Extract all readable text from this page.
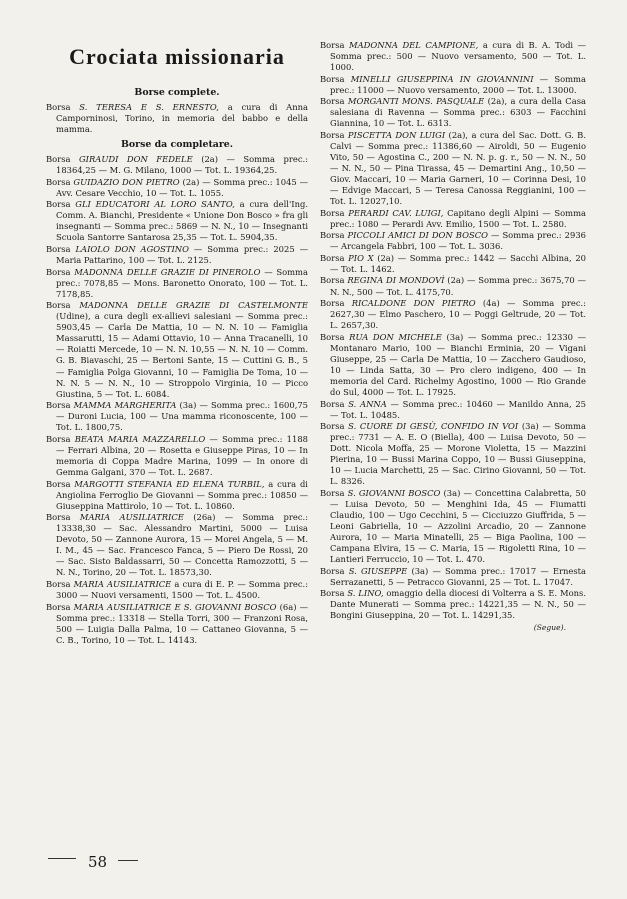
Crociata missionaria
Borse complete.

Borsa S. TERESA E S. ERNESTO, a cura di Anna Camporninosi, Torino, in memoria del babbo e della mamma.

Borse da completare.

Borsa GIRAUDI DON FEDELE (2a) — Somma prec.: 18364,25 — M. G. Milano, 1000 — Tot. L. 19364,25.

Borsa GUIDAZIO DON PIETRO (2a) — Somma prec.: 1045 — Avv. Cesare Vecchio, 10 — Tot. L. 1055.

Borsa GLI EDUCATORI AL LORO SANTO, a cura dell'Ing. Comm. A. Bianchi, Presidente « Unione Don Bosco » fra gli insegnanti — Somma prec.: 5869 — N. N., 10 — Insegnanti Scuola Santorre Santarosa 25,35 — Tot. L. 5904,35.

Borsa LAIOLO DON AGOSTINO — Somma prec.: 2025 — Maria Pattarino, 100 — Tot. L. 2125.

Borsa MADONNA DELLE GRAZIE DI PINEROLO — Somma prec.: 7078,85 — Mons. Baronetto Onorato, 100 — Tot. L. 7178,85.

Borsa MADONNA DELLE GRAZIE DI CASTELMONTE (Udine), a cura degli ex-allievi salesiani — Somma prec.: 5903,45 — Carla De Mattia, 10 — N. N. 10 — Famiglia Massarutti, 15 — Adami Ottavio, 10 — Anna Tracanelli, 10 — Roiatti Mercede, 10 — N. N. 10,55 — N. N. 10 — Comm. G. B. Biavaschi, 25 — Bertoni Sante, 15 — Cuttini G. B., 5 — Famiglia Polga Giovanni, 10 — Famiglia De Toma, 10 — N. N. 5 — N. N., 10 — Stroppolo Virginia, 10 — Picco Giustina, 5 — Tot. L. 6084.

Borsa MAMMA MARGHERITA (3a) — Somma prec.: 1600,75 — Duroni Lucia, 100 — Una mamma riconoscente, 100 — Tot. L. 1800,75.

Borsa BEATA MARIA MAZZARELLO — Somma prec.: 1188 — Ferrari Albina, 20 — Rosetta e Giuseppe Piras, 10 — In memoria di Coppa Madre Marina, 1099 — In onore di Gemma Galgani, 370 — Tot. L. 2687.

Borsa MARGOTTI STEFANIA ED ELENA TURBIL, a cura di Angiolina Ferroglio De Giovanni — Somma prec.: 10850 — Giuseppina Mattirolo, 10 — Tot. L. 10860.

Borsa MARIA AUSILIATRICE (26a) — Somma prec.: 13338,30 — Sac. Alessandro Martini, 5000 — Luisa Devoto, 50 — Zannone Aurora, 15 — Morei Angela, 5 — M. I. M., 45 — Sac. Francesco Fanca, 5 — Piero De Rossi, 20 — Sac. Sisto Baldassarri, 50 — Concetta Ramozzotti, 5 — N. N., Torino, 20 — Tot. L. 18573,30.

Borsa MARIA AUSILIATRICE a cura di E. P. — Somma prec.: 3000 — Nuovi versamenti, 1500 — Tot. L. 4500.

Borsa MARIA AUSILIATRICE E S. GIOVANNI BOSCO (6a) — Somma prec.: 13318 — Stella Torri, 300 — Franzoni Rosa, 500 — Luigia Dalla Palma, 10 — Cattaneo Giovanna, 5 — C. B., Torino, 10 — Tot. L. 14143.

Borsa MADONNA DEL CAMPIONE, a cura di B. A. Todi — Somma prec.: 500 — Nuovo versamento, 500 — Tot. L. 1000.

Borsa MINELLI GIUSEPPINA IN GIOVANNINI — Somma prec.: 11000 — Nuovo versamento, 2000 — Tot. L. 13000.

Borsa MORGANTI MONS. PASQUALE (2a), a cura della Casa salesiana di Ravenna — Somma prec.: 6303 — Facchini Giannina, 10 — Tot. L. 6313.

Borsa PISCETTA DON LUIGI (2a), a cura del Sac. Dott. G. B. Calvi — Somma prec.: 11386,60 — Airoldi, 50 — Eugenio Vito, 50 — Agostina C., 200 — N. N. p. g. r., 50 — N. N., 50 — N. N., 50 — Pina Tirassa, 45 — Demartini Ang., 10,50 — Giov. Maccari, 10 — Maria Garneri, 10 — Corinna Desi, 10 — Edvige Maccari, 5 — Teresa Canossa Reggianini, 100 — Tot. L. 12027,10.

Borsa PERARDI CAV. LUIGI, Capitano degli Alpini — Somma prec.: 1080 — Perardi Avv. Emilio, 1500 — Tot. L. 2580.

Borsa PICCOLI AMICI DI DON BOSCO — Somma prec.: 2936 — Arcangela Fabbri, 100 — Tot. L. 3036.

Borsa PIO X (2a) — Somma prec.: 1442 — Sacchi Albina, 20 — Tot. L. 1462.

Borsa REGINA DI MONDOVÌ (2a) — Somma prec.: 3675,70 — N. N., 500 — Tot. L. 4175,70.

Borsa RICALDONE DON PIETRO (4a) — Somma prec.: 2627,30 — Elmo Paschero, 10 — Poggi Geltrude, 20 — Tot. L. 2657,30.

Borsa RUA DON MICHELE (3a) — Somma prec.: 12330 — Montanaro Mario, 100 — Bianchi Erminia, 20 — Vigani Giuseppe, 25 — Carla De Mattia, 10 — Zacchero Gaudioso, 10 — Linda Satta, 30 — Pro clero indigeno, 400 — In memoria del Card. Richelmy Agostino, 1000 — Rio Grande do Sul, 4000 — Tot. L. 17925.

Borsa S. ANNA — Somma prec.: 10460 — Manildo Anna, 25 — Tot. L. 10485.

Borsa S. CUORE DI GESÙ, CONFIDO IN VOI (3a) — Somma prec.: 7731 — A. E. O (Biella), 400 — Luisa Devoto, 50 — Dott. Nicola Moffa, 25 — Morone Violetta, 15 — Mazzini Pierina, 10 — Bussi Marina Coppo, 10 — Bussi Giuseppina, 10 — Lucia Marchetti, 25 — Sac. Cirino Giovanni, 50 — Tot. L. 8326.

Borsa S. GIOVANNI BOSCO (3a) — Concettina Calabretta, 50 — Luisa Devoto, 50 — Menghini Ida, 45 — Fiumatti Claudio, 100 — Ugo Cecchini, 5 — Cicciuzzo Giuffrida, 5 — Leoni Gabriella, 10 — Azzolini Arcadio, 20 — Zannone Aurora, 10 — Maria Minatelli, 25 — Biga Paolina, 100 — Campana Elvira, 15 — C. Maria, 15 — Rigoletti Rina, 10 — Lantieri Ferruccio, 10 — Tot. L. 470.

Borsa S. GIUSEPPE (3a) — Somma prec.: 17017 — Ernesta Serrazanetti, 5 — Petracco Giovanni, 25 — Tot. L. 17047.

Borsa S. LINO, omaggio della diocesi di Volterra a S. E. Mons. Dante Munerati — Somma prec.: 14221,35 — N. N., 50 — Bongini Giuseppina, 20 — Tot. L. 14291,35.

(Segue).
58
